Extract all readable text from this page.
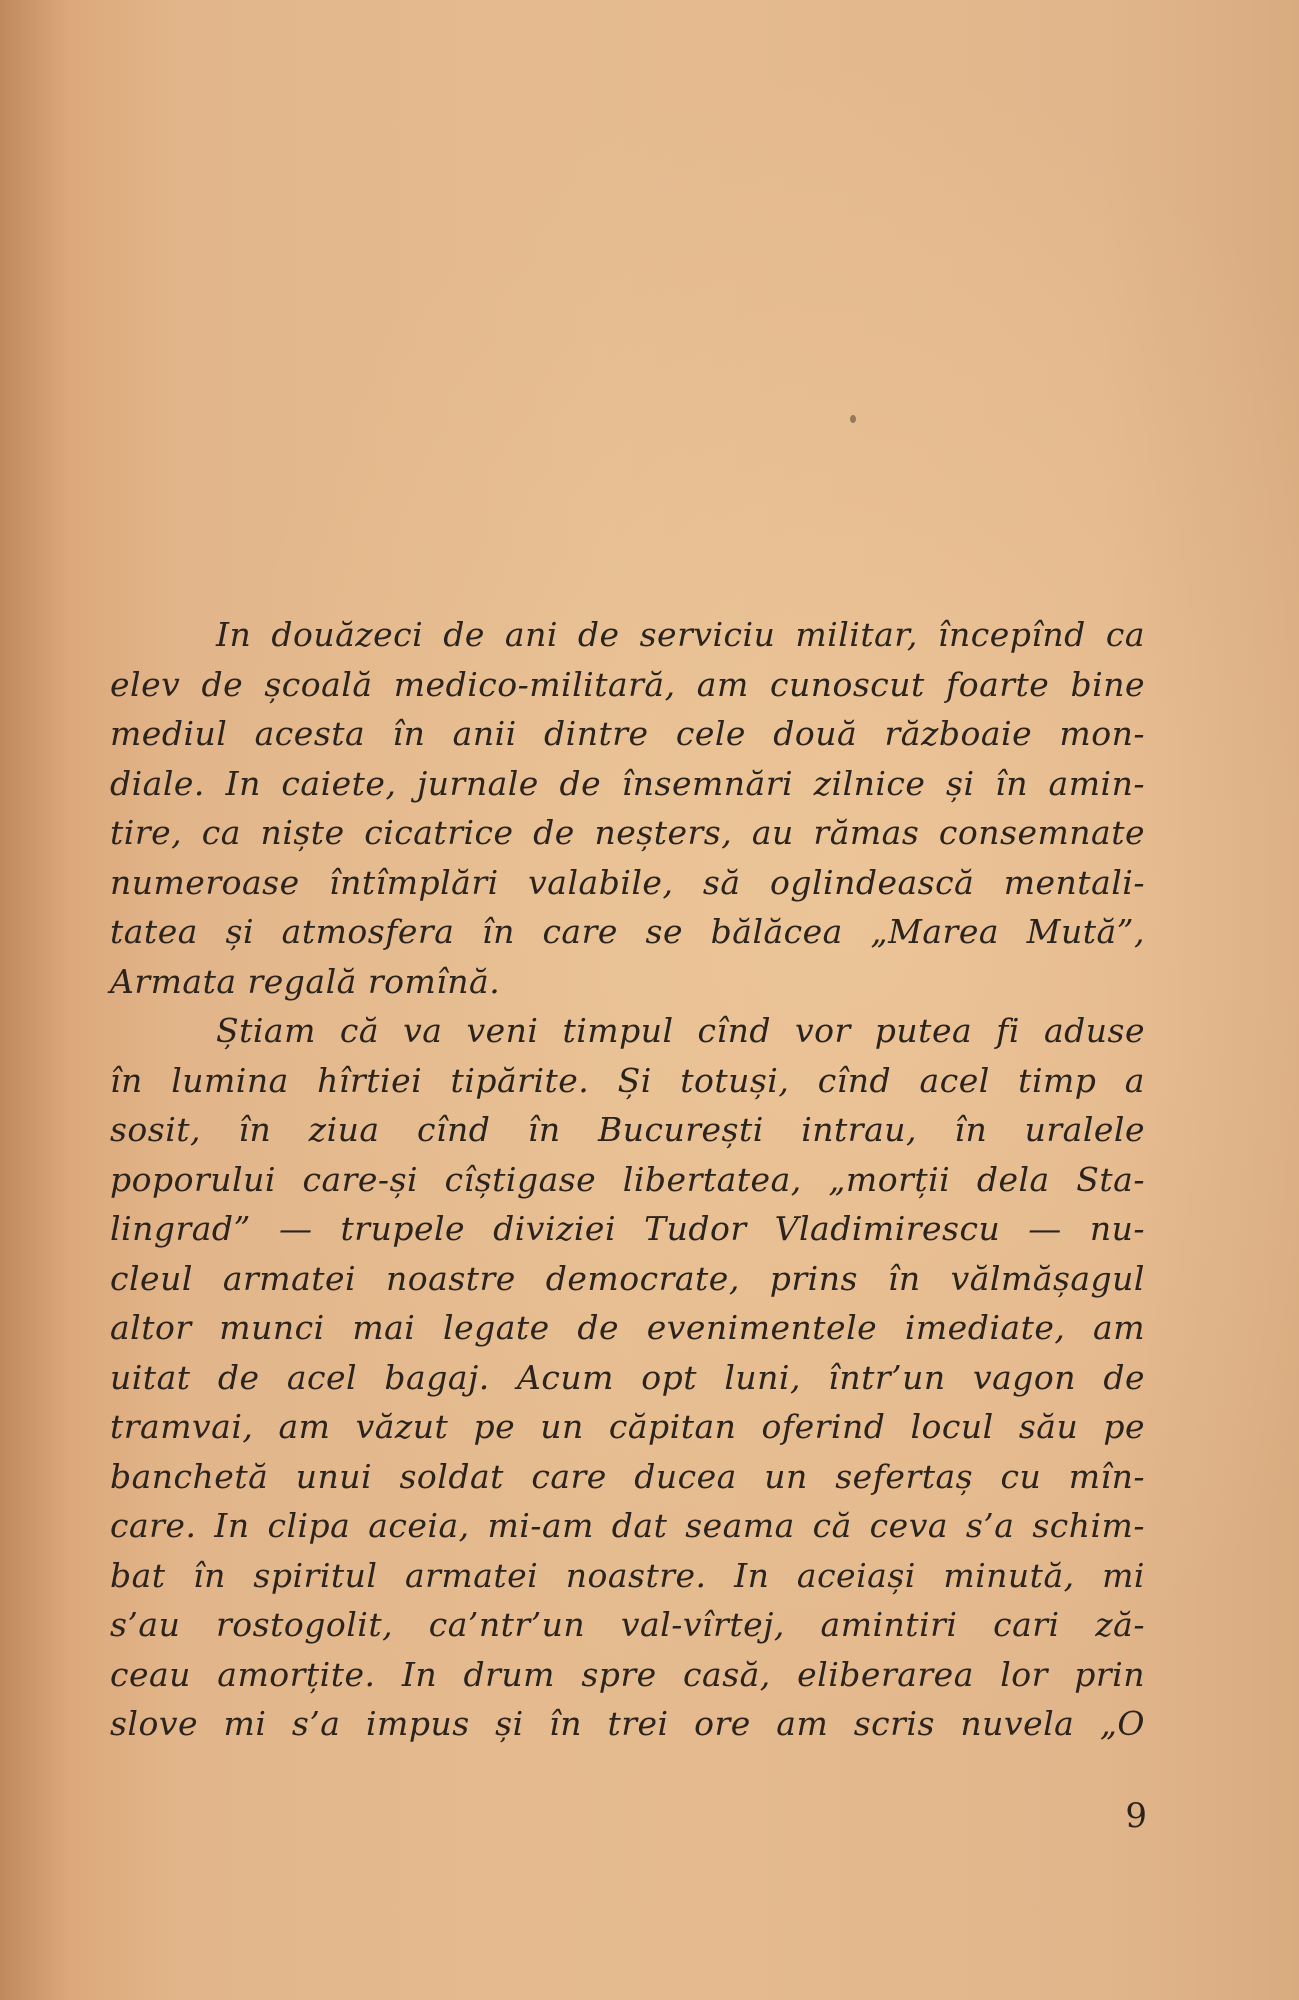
In douăzeci de ani de serviciu militar, începînd ca
elev de școală medico-militară, am cunoscut foarte bine
mediul acesta în anii dintre cele două războaie mon-
diale. In caiete, jurnale de însemnări zilnice și în amin-
tire, ca niște cicatrice de neșters, au rămas consemnate
numeroase întîmplări valabile, să oglindească mentali-
tatea și atmosfera în care se bălăcea „Marea Mută”,
Armata regală romînă.
Știam că va veni timpul cînd vor putea fi aduse
în lumina hîrtiei tipărite. Și totuși, cînd acel timp a
sosit, în ziua cînd în București intrau, în uralele
poporului care-și cîștigase libertatea, „morții dela Sta-
lingrad” — trupele diviziei Tudor Vladimirescu — nu-
cleul armatei noastre democrate, prins în vălmășagul
altor munci mai legate de evenimentele imediate, am
uitat de acel bagaj. Acum opt luni, într’un vagon de
tramvai, am văzut pe un căpitan oferind locul său pe
banchetă unui soldat care ducea un sefertaș cu mîn-
care. In clipa aceia, mi-am dat seama că ceva s’a schim-
bat în spiritul armatei noastre. In aceiași minută, mi
s’au rostogolit, ca’ntr’un val-vîrtej, amintiri cari ză-
ceau amorțite. In drum spre casă, eliberarea lor prin
slove mi s’a impus și în trei ore am scris nuvela „O
9
